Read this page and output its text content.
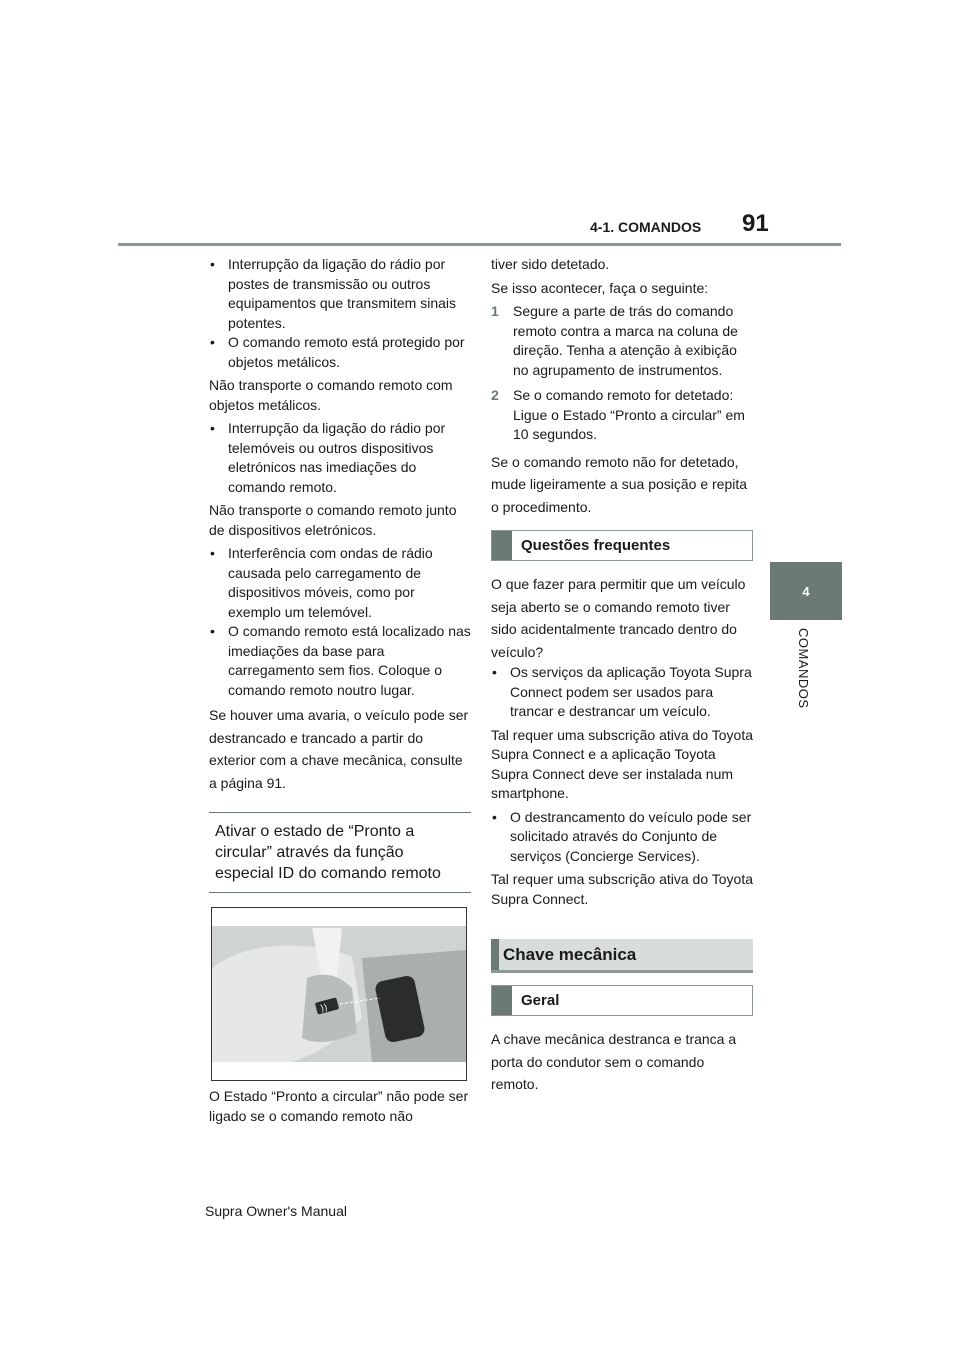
4-1. COMANDOS 91
4
COMANDOS
• Interrupção da ligação do rádio por postes de transmissão ou outros equipamentos que transmitem sinais potentes.
• O comando remoto está protegido por objetos metálicos.

Não transporte o comando remoto com objetos metálicos.

• Interrupção da ligação do rádio por telemóveis ou outros dispositivos eletrónicos nas imediações do comando remoto.

Não transporte o comando remoto junto de dispositivos eletrónicos.

• Interferência com ondas de rádio causada pelo carregamento de dispositivos móveis, como por exemplo um telemóvel.
• O comando remoto está localizado nas imediações da base para carregamento sem fios. Coloque o comando remoto noutro lugar.

Se houver uma avaria, o veículo pode ser destrancado e trancado a partir do exterior com a chave mecânica, consulte a página 91.

Ativar o estado de “Pronto a circular” através da função especial ID do comando remoto
))

O Estado “Pronto a circular” não pode ser ligado se o comando remoto não

tiver sido detetado.

Se isso acontecer, faça o seguinte:

1 Segure a parte de trás do comando remoto contra a marca na coluna de direção. Tenha a atenção à exibição no agrupamento de instrumentos.
2 Se o comando remoto for detetado: Ligue o Estado “Pronto a circular” em 10 segundos.

Se o comando remoto não for detetado, mude ligeiramente a sua posição e repita o procedimento.

Questões frequentes

O que fazer para permitir que um veículo seja aberto se o comando remoto tiver sido acidentalmente trancado dentro do veículo?

• Os serviços da aplicação Toyota Supra Connect podem ser usados para trancar e destrancar um veículo.

Tal requer uma subscrição ativa do Toyota Supra Connect e a aplicação Toyota Supra Connect deve ser instalada num smartphone.

• O destrancamento do veículo pode ser solicitado através do Conjunto de serviços (Concierge Services).

Tal requer uma subscrição ativa do Toyota Supra Connect.

Chave mecânica
Geral

A chave mecânica destranca e tranca a porta do condutor sem o comando remoto.

Supra Owner's Manual
